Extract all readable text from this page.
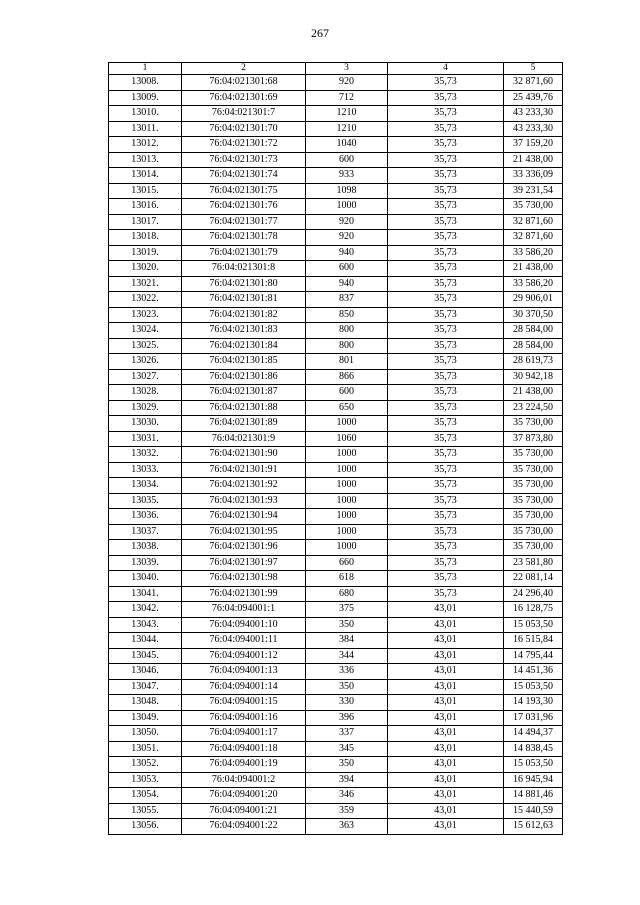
267
1	2	3	4	5
13008.	76:04:021301:68	920	35,73	32 871,60
13009.	76:04:021301:69	712	35,73	25 439,76
13010.	76:04:021301:7	1210	35,73	43 233,30
13011.	76:04:021301:70	1210	35,73	43 233,30
13012.	76:04:021301:72	1040	35,73	37 159,20
13013.	76:04:021301:73	600	35,73	21 438,00
13014.	76:04:021301:74	933	35,73	33 336,09
13015.	76:04:021301:75	1098	35,73	39 231,54
13016.	76:04:021301:76	1000	35,73	35 730,00
13017.	76:04:021301:77	920	35,73	32 871,60
13018.	76:04:021301:78	920	35,73	32 871,60
13019.	76:04:021301:79	940	35,73	33 586,20
13020.	76:04:021301:8	600	35,73	21 438,00
13021.	76:04:021301:80	940	35,73	33 586,20
13022.	76:04:021301:81	837	35,73	29 906,01
13023.	76:04:021301:82	850	35,73	30 370,50
13024.	76:04:021301:83	800	35,73	28 584,00
13025.	76:04:021301:84	800	35,73	28 584,00
13026.	76:04:021301:85	801	35,73	28 619,73
13027.	76:04:021301:86	866	35,73	30 942,18
13028.	76:04:021301:87	600	35,73	21 438,00
13029.	76:04:021301:88	650	35,73	23 224,50
13030.	76:04:021301:89	1000	35,73	35 730,00
13031.	76:04:021301:9	1060	35,73	37 873,80
13032.	76:04:021301:90	1000	35,73	35 730,00
13033.	76:04:021301:91	1000	35,73	35 730,00
13034.	76:04:021301:92	1000	35,73	35 730,00
13035.	76:04:021301:93	1000	35,73	35 730,00
13036.	76:04:021301:94	1000	35,73	35 730,00
13037.	76:04:021301:95	1000	35,73	35 730,00
13038.	76:04:021301:96	1000	35,73	35 730,00
13039.	76:04:021301:97	660	35,73	23 581,80
13040.	76:04:021301:98	618	35,73	22 081,14
13041.	76:04:021301:99	680	35,73	24 296,40
13042.	76:04:094001:1	375	43,01	16 128,75
13043.	76:04:094001:10	350	43,01	15 053,50
13044.	76:04:094001:11	384	43,01	16 515,84
13045.	76:04:094001:12	344	43,01	14 795,44
13046.	76:04:094001:13	336	43,01	14 451,36
13047.	76:04:094001:14	350	43,01	15 053,50
13048.	76:04:094001:15	330	43,01	14 193,30
13049.	76:04:094001:16	396	43,01	17 031,96
13050.	76:04:094001:17	337	43,01	14 494,37
13051.	76:04:094001:18	345	43,01	14 838,45
13052.	76:04:094001:19	350	43,01	15 053,50
13053.	76:04:094001:2	394	43,01	16 945,94
13054.	76:04:094001:20	346	43,01	14 881,46
13055.	76:04:094001:21	359	43,01	15 440,59
13056.	76:04:094001:22	363	43,01	15 612,63
